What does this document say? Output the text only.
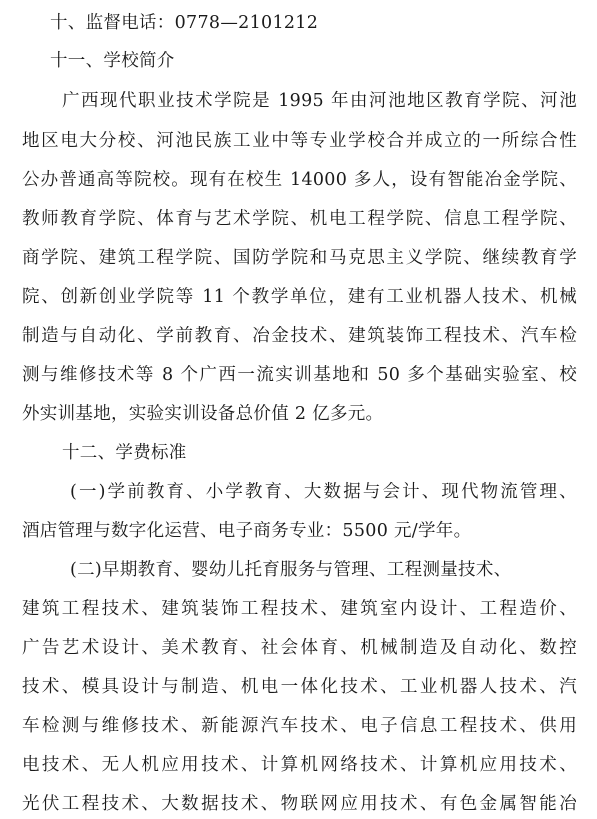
十、监督电话：0778—2101212
十一、学校简介
广西现代职业技术学院是 1995 年由河池地区教育学院、河池
地区电大分校、河池民族工业中等专业学校合并成立的一所综合性
公办普通高等院校。现有在校生 14000 多人，设有智能冶金学院、
教师教育学院、体育与艺术学院、机电工程学院、信息工程学院、
商学院、建筑工程学院、国防学院和马克思主义学院、继续教育学
院、创新创业学院等 11 个教学单位，建有工业机器人技术、机械
制造与自动化、学前教育、冶金技术、建筑装饰工程技术、汽车检
测与维修技术等 8 个广西一流实训基地和 50 多个基础实验室、校
外实训基地，实验实训设备总价值 2 亿多元。
十二、学费标准
(一)学前教育、小学教育、大数据与会计、现代物流管理、
酒店管理与数字化运营、电子商务专业：5500 元/学年。
(二)早期教育、婴幼儿托育服务与管理、工程测量技术、
建筑工程技术、建筑装饰工程技术、建筑室内设计、工程造价、
广告艺术设计、美术教育、社会体育、机械制造及自动化、数控
技术、模具设计与制造、机电一体化技术、工业机器人技术、汽
车检测与维修技术、新能源汽车技术、电子信息工程技术、供用
电技术、无人机应用技术、计算机网络技术、计算机应用技术、
光伏工程技术、大数据技术、物联网应用技术、有色金属智能冶
